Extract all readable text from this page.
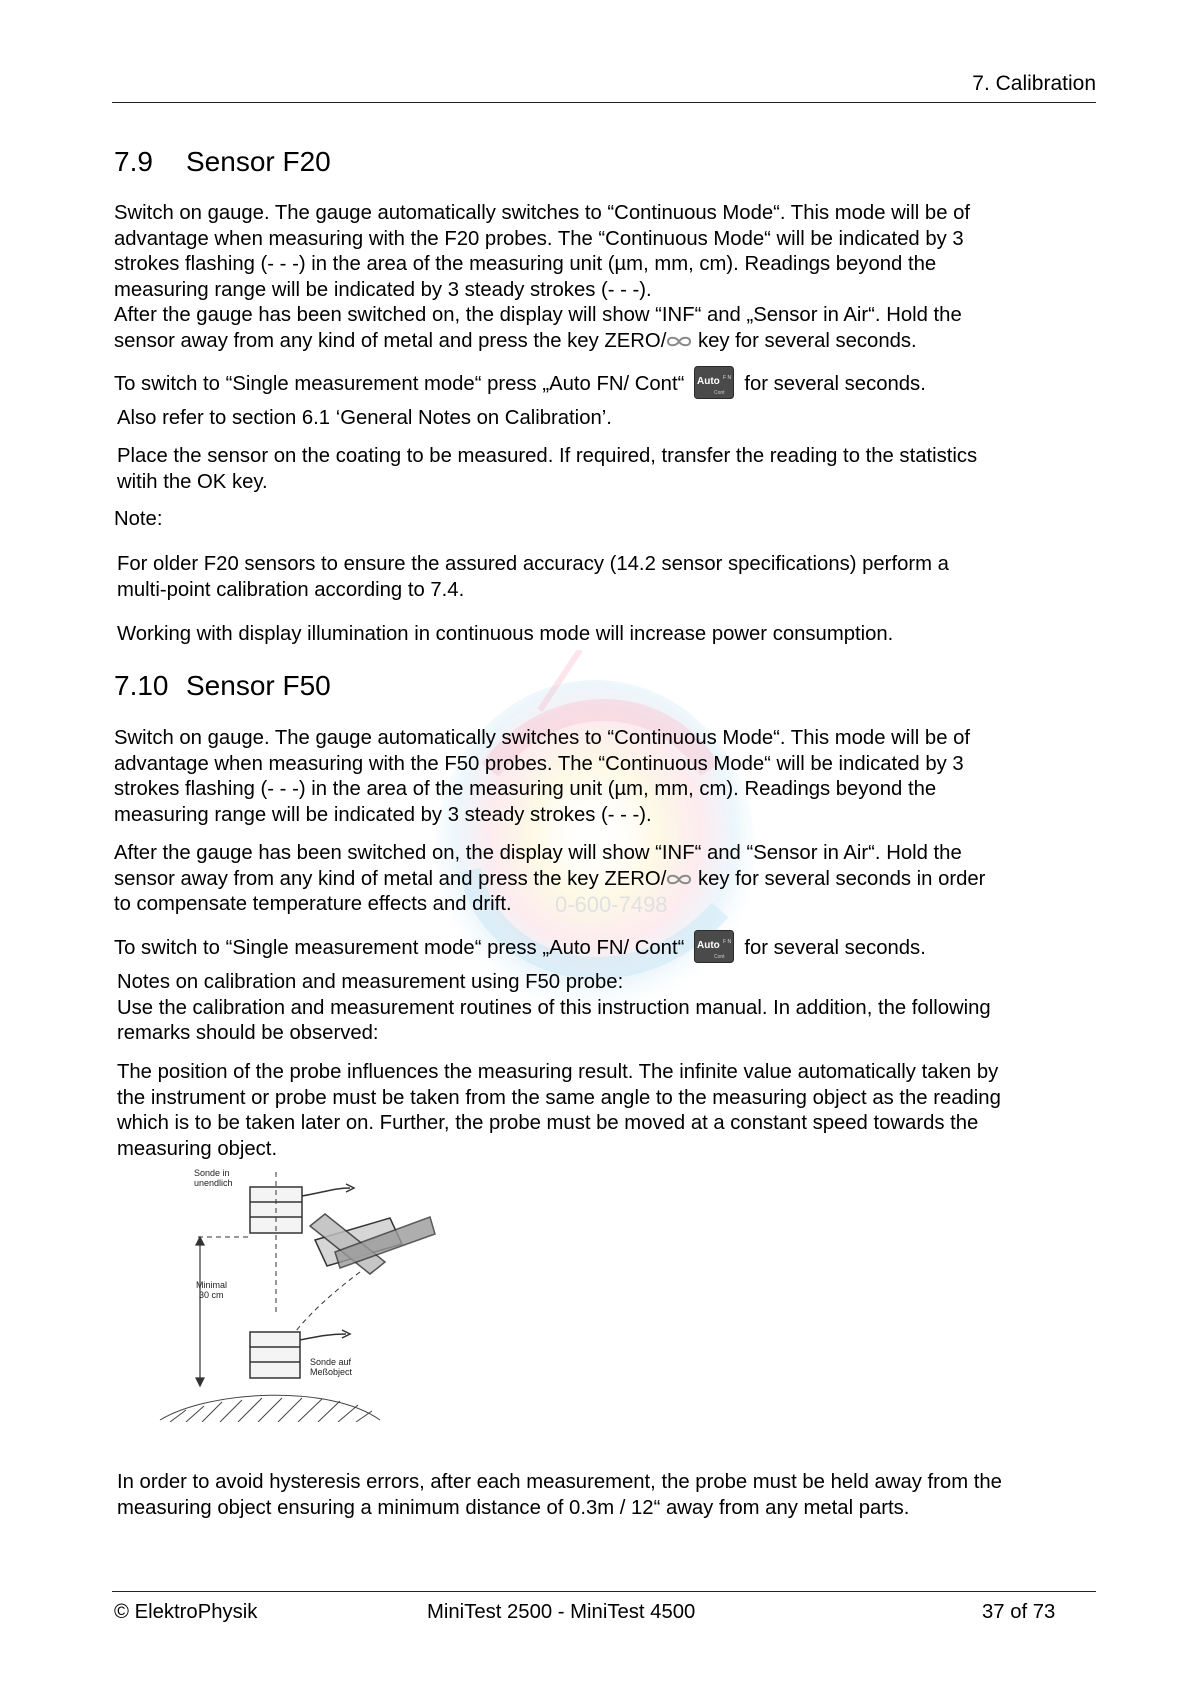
7. Calibration
7.9 Sensor F20
Switch on gauge. The gauge automatically switches to “Continuous Mode“. This mode will be of
advantage when measuring with the F20 probes. The “Continuous Mode“ will be indicated by 3
strokes flashing (- - -) in the area of the measuring unit (µm, mm, cm). Readings beyond the
measuring range will be indicated by 3 steady strokes (- - -).
After the gauge has been switched on, the display will show “INF“ and „Sensor in Air“. Hold the
sensor away from any kind of metal and press the key ZERO/ key for several seconds.
To switch to “Single measurement mode“ press „Auto FN/ Cont“ Auto F N
Cont for several seconds.
Also refer to section 6.1 ‘General Notes on Calibration’.
Place the sensor on the coating to be measured. If required, transfer the reading to the statistics
witih the OK key.
Note:
For older F20 sensors to ensure the assured accuracy (14.2 sensor specifications) perform a
multi-point calibration according to 7.4.
Working with display illumination in continuous mode will increase power consumption.
0-600-7498
7.10 Sensor F50
Switch on gauge. The gauge automatically switches to “Continuous Mode“. This mode will be of
advantage when measuring with the F50 probes. The “Continuous Mode“ will be indicated by 3
strokes flashing (- - -) in the area of the measuring unit (µm, mm, cm). Readings beyond the
measuring range will be indicated by 3 steady strokes (- - -).
After the gauge has been switched on, the display will show “INF“ and “Sensor in Air“. Hold the
sensor away from any kind of metal and press the key ZERO/ key for several seconds in order
to compensate temperature effects and drift.
To switch to “Single measurement mode“ press „Auto FN/ Cont“ Auto F N
Cont for several seconds.
Notes on calibration and measurement using F50 probe:
Use the calibration and measurement routines of this instruction manual. In addition, the following
remarks should be observed:
The position of the probe influences the measuring result. The infinite value automatically taken by
the instrument or probe must be taken from the same angle to the measuring object as the reading
which is to be taken later on. Further, the probe must be moved at a constant speed towards the
measuring object.
Sonde in
unendlich
Minimal
30 cm
Sonde auf
Meßobject
In order to avoid hysteresis errors, after each measurement, the probe must be held away from the
measuring object ensuring a minimum distance of 0.3m / 12“ away from any metal parts.
© ElektroPhysik	MiniTest 2500 - MiniTest 4500	37 of 73
